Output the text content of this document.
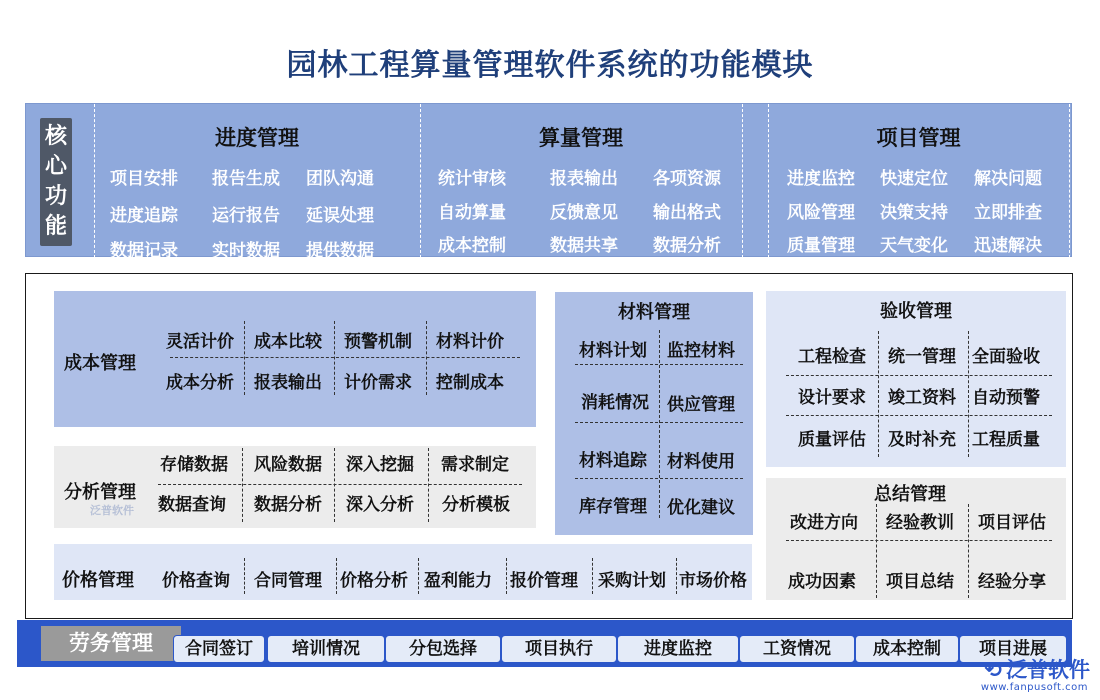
园林工程算量管理软件系统的功能模块
核
心
功
能
进度管理
项目安排 报告生成 团队沟通
进度追踪 运行报告 延误处理
数据记录 实时数据 提供数据
算量管理
统计审核	报表输出 各项资源
自动算量	反馈意见 输出格式
成本控制	数据共享 数据分析
项目管理
进度监控 快速定位 解决问题
风险管理 决策支持 立即排查
质量管理 天气变化 迅速解决
成本管理
灵活计价 成本比较 预警机制 材料计价
成本分析 报表输出 计价需求 控制成本
分析管理
存储数据 风险数据 深入挖掘 需求制定
数据查询 数据分析 深入分析 分析模板
泛普软件
价格管理 价格查询 合同管理 价格分析 盈利能力 报价管理 采购计划 市场价格
材料管理
材料计划 监控材料
消耗情况 供应管理
材料追踪 材料使用
库存管理 优化建议
验收管理
工程检查 统一管理 全面验收
设计要求 竣工资料 自动预警
质量评估 及时补充 工程质量
总结管理
改进方向 经验教训 项目评估
成功因素 项目总结 经验分享
劳务管理	合同签订	培训情况	分包选择	项目执行	进度监控	工资情况	成本控制	项目进展
⟲ 泛普软件
www.fanpusoft.com
